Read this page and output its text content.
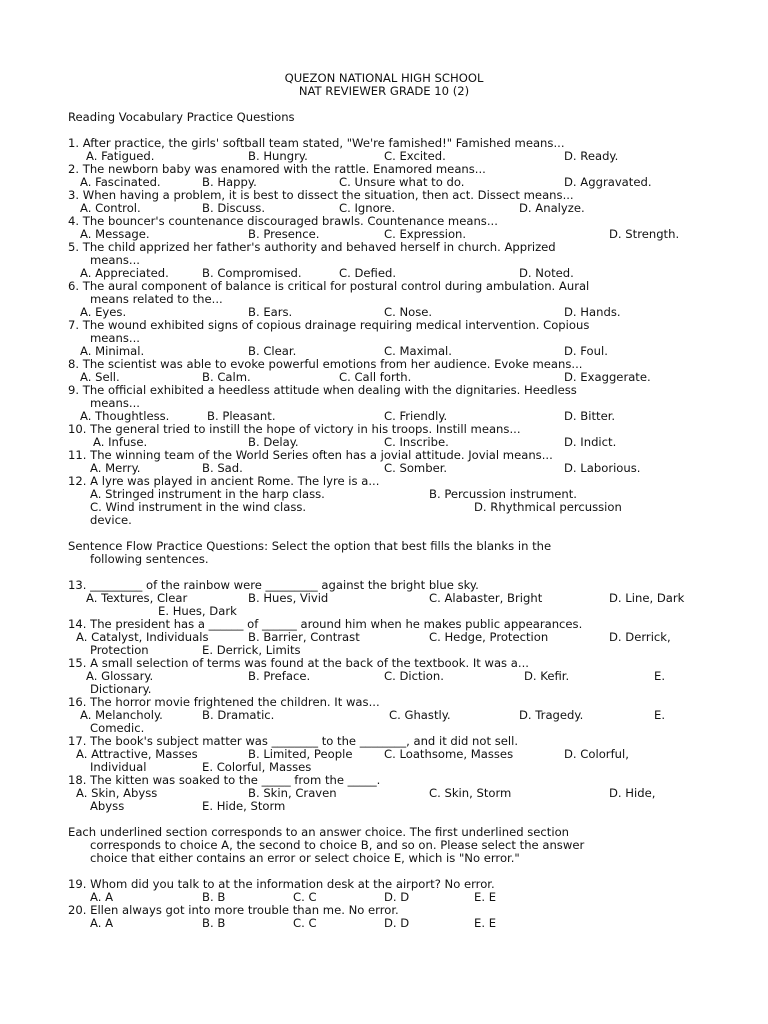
QUEZON NATIONAL HIGH SCHOOL
NAT REVIEWER GRADE 10 (2)
Reading Vocabulary Practice Questions
1. After practice, the girls' softball team stated, "We're famished!" Famished means...
A. Fatigued.	B. Hungry.	C. Excited.	D. Ready.
2. The newborn baby was enamored with the rattle. Enamored means...
A. Fascinated.	B. Happy.	C. Unsure what to do.	D. Aggravated.
3. When having a problem, it is best to dissect the situation, then act. Dissect means...
A. Control.	B. Discuss.	C. Ignore.	D. Analyze.
4. The bouncer's countenance discouraged brawls. Countenance means...
A. Message.	B. Presence.	C. Expression.	D. Strength.
5. The child apprized her father's authority and behaved herself in church. Apprized
means...
A. Appreciated.	B. Compromised.	C. Defied.	D. Noted.
6. The aural component of balance is critical for postural control during ambulation. Aural
means related to the...
A. Eyes.	B. Ears.	C. Nose.	D. Hands.
7. The wound exhibited signs of copious drainage requiring medical intervention. Copious
means...
A. Minimal.	B. Clear.	C. Maximal.	D. Foul.
8. The scientist was able to evoke powerful emotions from her audience. Evoke means...
A. Sell.	B. Calm.	C. Call forth.	D. Exaggerate.
9. The official exhibited a heedless attitude when dealing with the dignitaries. Heedless
means...
A. Thoughtless.	B. Pleasant.	C. Friendly.	D. Bitter.
10. The general tried to instill the hope of victory in his troops. Instill means...
A. Infuse.	B. Delay.	C. Inscribe.	D. Indict.
11. The winning team of the World Series often has a jovial attitude. Jovial means...
A. Merry.	B. Sad.	C. Somber.	D. Laborious.
12. A lyre was played in ancient Rome. The lyre is a...
A. Stringed instrument in the harp class.	B. Percussion instrument.
C. Wind instrument in the wind class.	D. Rhythmical percussion
device.
Sentence Flow Practice Questions: Select the option that best fills the blanks in the
following sentences.
13. _________ of the rainbow were _________ against the bright blue sky.
A. Textures, Clear	B. Hues, Vivid	C. Alabaster, Bright	D. Line, Dark
E. Hues, Dark
14. The president has a ______ of ______ around him when he makes public appearances.
A. Catalyst, Individuals	B. Barrier, Contrast	C. Hedge, Protection	D. Derrick,
Protection	E. Derrick, Limits
15. A small selection of terms was found at the back of the textbook. It was a...
A. Glossary.	B. Preface.	C. Diction.	D. Kefir.	E.
Dictionary.
16. The horror movie frightened the children. It was...
A. Melancholy.	B. Dramatic.	C. Ghastly.	D. Tragedy.	E.
Comedic.
17. The book's subject matter was ________ to the ________, and it did not sell.
A. Attractive, Masses	B. Limited, People	C. Loathsome, Masses	D. Colorful,
Individual	E. Colorful, Masses
18. The kitten was soaked to the _____ from the _____.
A. Skin, Abyss	B. Skin, Craven	C. Skin, Storm	D. Hide,
Abyss	E. Hide, Storm
Each underlined section corresponds to an answer choice. The first underlined section
corresponds to choice A, the second to choice B, and so on. Please select the answer
choice that either contains an error or select choice E, which is "No error."
19. Whom did you talk to at the information desk at the airport? No error.
A. A	B. B	C. C	D. D	E. E
20. Ellen always got into more trouble than me. No error.
A. A	B. B	C. C	D. D	E. E
